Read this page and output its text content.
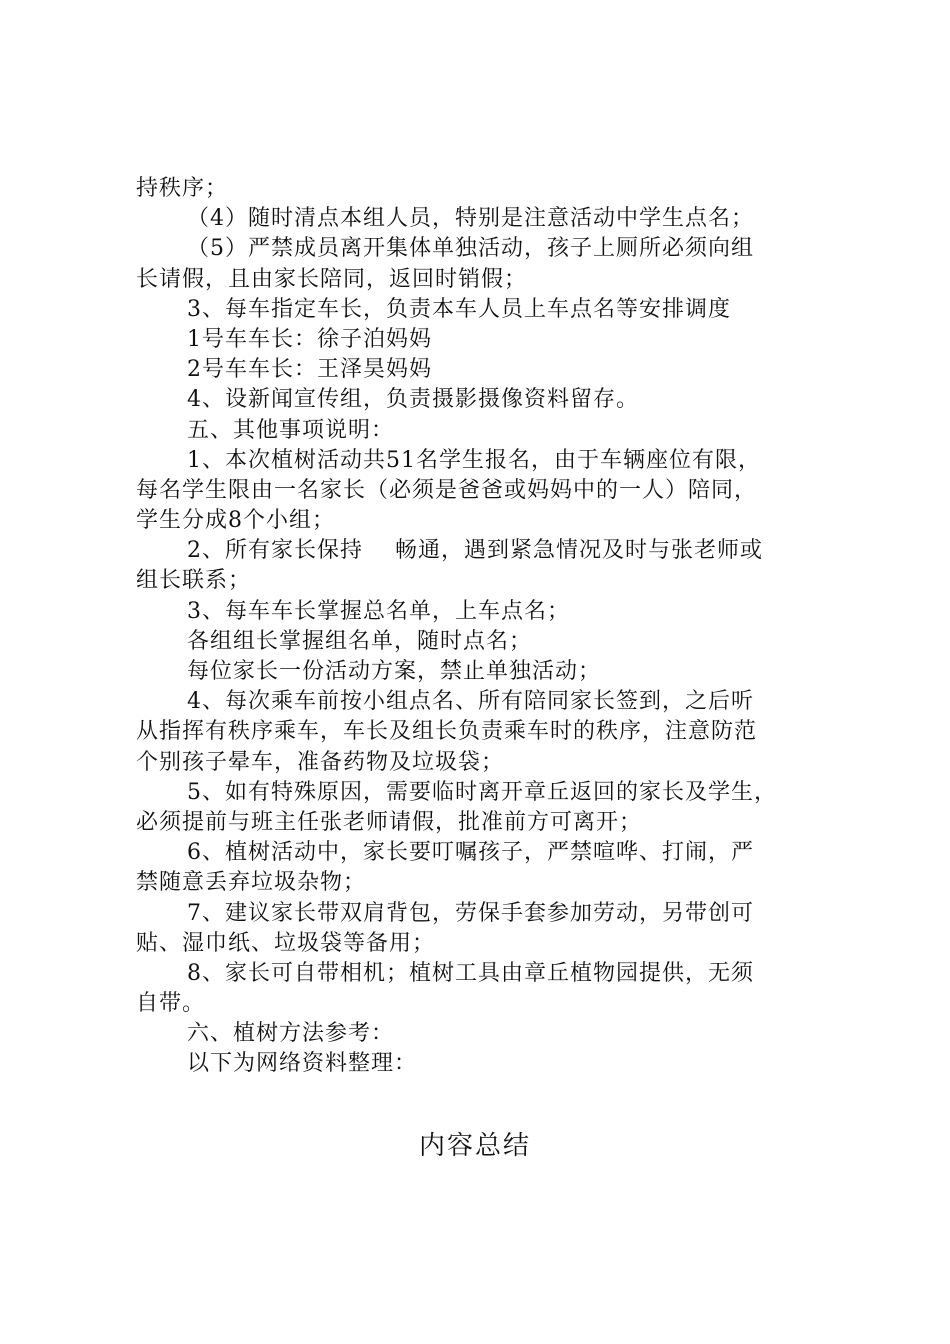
持秩序；
（4）随时清点本组人员，特别是注意活动中学生点名；
（5）严禁成员离开集体单独活动，孩子上厕所必须向组
长请假，且由家长陪同，返回时销假；
3、每车指定车长，负责本车人员上车点名等安排调度
1号车车长：徐子泊妈妈
2号车车长：王泽昊妈妈
4、设新闻宣传组，负责摄影摄像资料留存。
五、其他事项说明：
1、本次植树活动共51名学生报名，由于车辆座位有限，
每名学生限由一名家长（必须是爸爸或妈妈中的一人）陪同，
学生分成8个小组；
2、所有家长保持    畅通，遇到紧急情况及时与张老师或
组长联系；
3、每车车长掌握总名单，上车点名；
各组组长掌握组名单，随时点名；
每位家长一份活动方案，禁止单独活动；
4、每次乘车前按小组点名、所有陪同家长签到，之后听
从指挥有秩序乘车，车长及组长负责乘车时的秩序，注意防范
个别孩子晕车，准备药物及垃圾袋；
5、如有特殊原因，需要临时离开章丘返回的家长及学生，
必须提前与班主任张老师请假，批准前方可离开；
6、植树活动中，家长要叮嘱孩子，严禁喧哗、打闹，严
禁随意丢弃垃圾杂物；
7、建议家长带双肩背包，劳保手套参加劳动，另带创可
贴、湿巾纸、垃圾袋等备用；
8、家长可自带相机；植树工具由章丘植物园提供，无须
自带。
六、植树方法参考：
以下为网络资料整理：
内容总结
